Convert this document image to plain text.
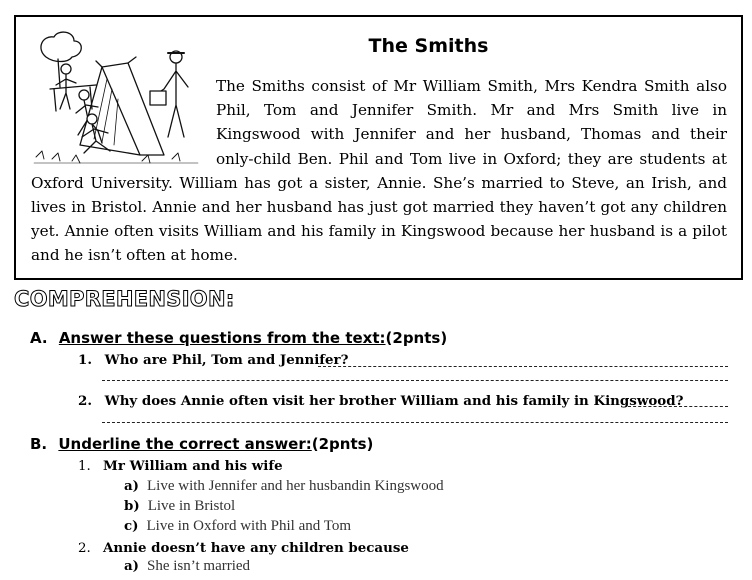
The Smiths
The Smiths consist of Mr William Smith, Mrs Kendra Smith also Phil, Tom and Jennifer Smith. Mr and Mrs Smith live in Kingswood with Jennifer and her husband, Thomas and their only-child Ben. Phil and Tom live in Oxford; they are students at Oxford University. William has got a sister, Annie. She’s married to Steve, an Irish, and lives in Bristol. Annie and her husband has just got married they haven’t got any children yet. Annie often visits William and his family in Kingswood because her husband is a pilot and he isn’t often at home.
COMPREHENSION:
A. Answer these questions from the text:(2pnts)
1. Who are Phil, Tom and Jennifer?
2. Why does Annie often visit her brother William and his family in Kingswood?
B. Underline the correct answer:(2pnts)
1. Mr William and his wife
a) Live with Jennifer and her husbandin Kingswood
b) Live in Bristol
c) Live in Oxford with Phil and Tom
2. Annie doesn’t have any children because
a) She isn’t married
